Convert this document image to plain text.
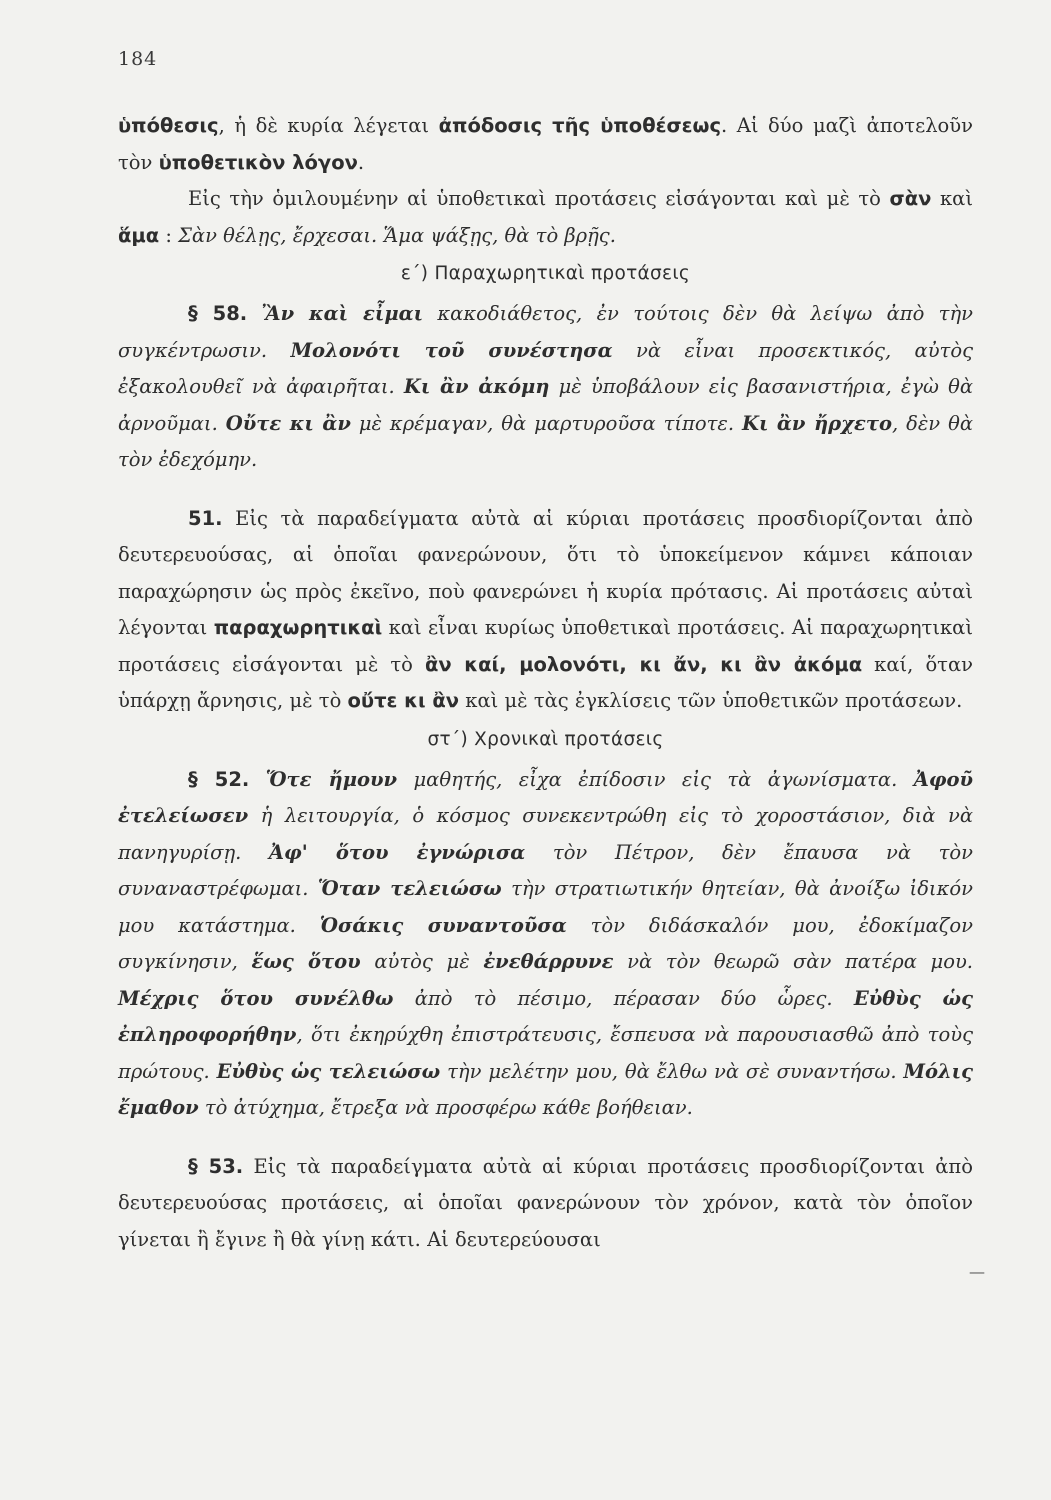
184

ὑπόθεσις, ἡ δὲ κυρία λέγεται ἀπόδοσις τῆς ὑποθέσεως. Αἱ δύο μαζὶ ἀποτελοῦν τὸν ὑποθετικὸν λόγον.

Εἰς τὴν ὁμιλουμένην αἱ ὑποθετικαὶ προτάσεις εἰσάγονται καὶ μὲ τὸ σὰν καὶ ἅμα : Σὰν θέλῃς, ἔρχεσαι. Ἅμα ψάξῃς, θὰ τὸ βρῇς.

ε΄) Παραχωρητικαὶ προτάσεις

§ 58. Ἂν καὶ εἶμαι κακοδιάθετος, ἐν τούτοις δὲν θὰ λείψω ἀπὸ τὴν συγκέντρωσιν. Μολονότι τοῦ συνέστησα νὰ εἶναι προσεκτικός, αὐτὸς ἐξακολουθεῖ νὰ ἀφαιρῆται. Κι ἂν ἀκόμη μὲ ὑποβάλουν εἰς βασανιστήρια, ἐγὼ θὰ ἀρνοῦμαι. Οὔτε κι ἂν μὲ κρέμαγαν, θὰ μαρτυροῦσα τίποτε. Κι ἂν ἤρχετο, δὲν θὰ τὸν ἐδεχόμην.

51. Εἰς τὰ παραδείγματα αὐτὰ αἱ κύριαι προτάσεις προσδιορίζονται ἀπὸ δευτερευούσας, αἱ ὁποῖαι φανερώνουν, ὅτι τὸ ὑποκείμενον κάμνει κάποιαν παραχώρησιν ὡς πρὸς ἐκεῖνο, ποὺ φανερώνει ἡ κυρία πρότασις. Αἱ προτάσεις αὐταὶ λέγονται παραχωρητικαὶ καὶ εἶναι κυρίως ὑποθετικαὶ προτάσεις. Αἱ παραχωρητικαὶ προτάσεις εἰσάγονται μὲ τὸ ἂν καί, μολονότι, κι ἄν, κι ἂν ἀκόμα καί, ὅταν ὑπάρχῃ ἄρνησις, μὲ τὸ οὔτε κι ἂν καὶ μὲ τὰς ἐγκλίσεις τῶν ὑποθετικῶν προτάσεων.

στ΄) Χρονικαὶ προτάσεις

§ 52. Ὅτε ἤμουν μαθητής, εἶχα ἐπίδοσιν εἰς τὰ ἀγωνίσματα. Ἀφοῦ ἐτελείωσεν ἡ λειτουργία, ὁ κόσμος συνεκεντρώθη εἰς τὸ χοροστάσιον, διὰ νὰ πανηγυρίσῃ. Ἀφ' ὅτου ἐγνώρισα τὸν Πέτρον, δὲν ἔπαυσα νὰ τὸν συναναστρέφωμαι. Ὅταν τελειώσω τὴν στρατιωτικήν θητείαν, θὰ ἀνοίξω ἰδικόν μου κατάστημα. Ὁσάκις συναντοῦσα τὸν διδάσκαλόν μου, ἐδοκίμαζον συγκίνησιν, ἕως ὅτου αὐτὸς μὲ ἐνεθάρρυνε νὰ τὸν θεωρῶ σὰν πατέρα μου. Μέχρις ὅτου συνέλθω ἀπὸ τὸ πέσιμο, πέρασαν δύο ὧρες. Εὐθὺς ὡς ἐπληροφορήθην, ὅτι ἐκηρύχθη ἐπιστράτευσις, ἔσπευσα νὰ παρουσιασθῶ ἀπὸ τοὺς πρώτους. Εὐθὺς ὡς τελειώσω τὴν μελέτην μου, θὰ ἔλθω νὰ σὲ συναντήσω. Μόλις ἔμαθον τὸ ἀτύχημα, ἔτρεξα νὰ προσφέρω κάθε βοήθειαν.

§ 53. Εἰς τὰ παραδείγματα αὐτὰ αἱ κύριαι προτάσεις προσδιορίζονται ἀπὸ δευτερευούσας προτάσεις, αἱ ὁποῖαι φανερώνουν τὸν χρόνον, κατὰ τὸν ὁποῖον γίνεται ἢ ἔγινε ἢ θὰ γίνῃ κάτι. Αἱ δευτερεύουσαι

—
